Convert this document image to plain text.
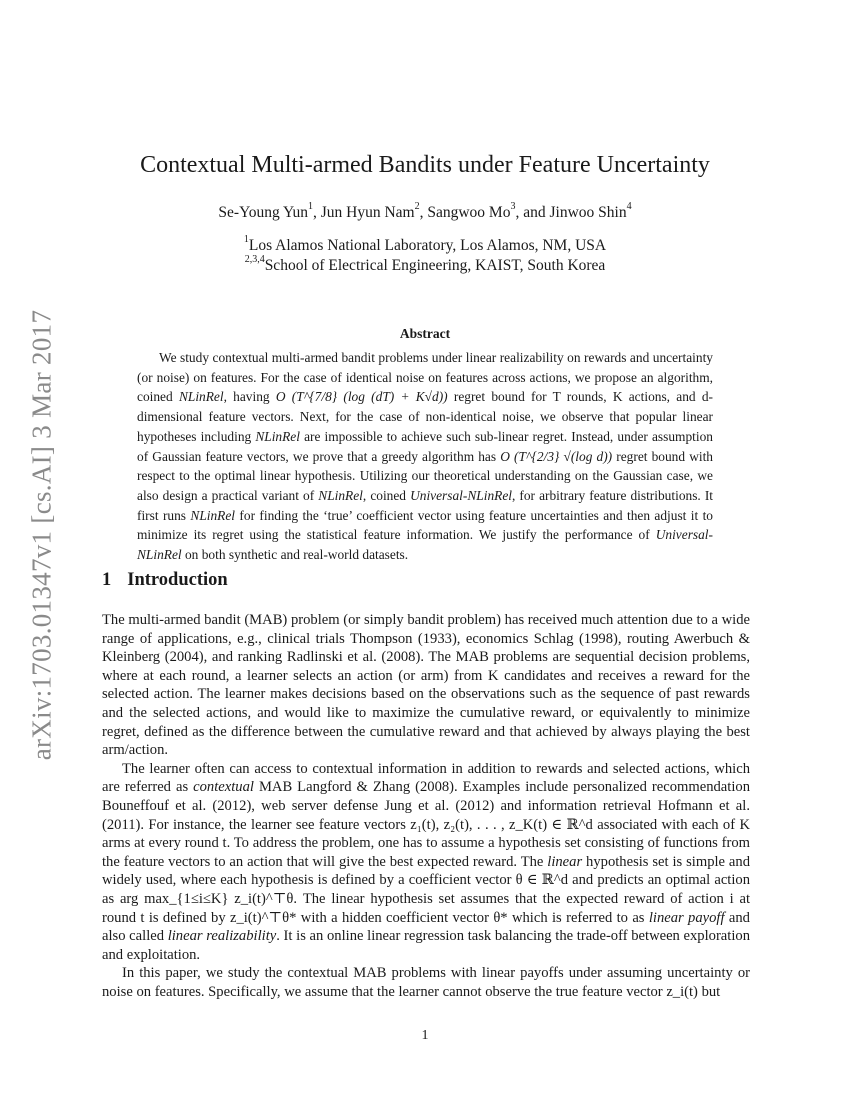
arXiv:1703.01347v1 [cs.AI] 3 Mar 2017
Contextual Multi-armed Bandits under Feature Uncertainty
Se-Young Yun$^1$, Jun Hyun Nam$^2$, Sangwoo Mo$^3$, and Jinwoo Shin$^4$
$^1$Los Alamos National Laboratory, Los Alamos, NM, USA
$^{2,3,4}$School of Electrical Engineering, KAIST, South Korea
Abstract

We study contextual multi-armed bandit problems under linear realizability on rewards and uncertainty (or noise) on features. For the case of identical noise on features across actions, we propose an algorithm, coined NLinRel, having O (T^{7/8} (log (dT) + K√d)) regret bound for T rounds, K actions, and d-dimensional feature vectors. Next, for the case of non-identical noise, we observe that popular linear hypotheses including NLinRel are impossible to achieve such sub-linear regret. Instead, under assumption of Gaussian feature vectors, we prove that a greedy algorithm has O (T^{2/3} √(log d)) regret bound with respect to the optimal linear hypothesis. Utilizing our theoretical understanding on the Gaussian case, we also design a practical variant of NLinRel, coined Universal-NLinRel, for arbitrary feature distributions. It first runs NLinRel for finding the ‘true’ coefficient vector using feature uncertainties and then adjust it to minimize its regret using the statistical feature information. We justify the performance of Universal-NLinRel on both synthetic and real-world datasets.

1 Introduction

The multi-armed bandit (MAB) problem (or simply bandit problem) has received much attention due to a wide range of applications, e.g., clinical trials Thompson (1933), economics Schlag (1998), routing Awerbuch & Kleinberg (2004), and ranking Radlinski et al. (2008). The MAB problems are sequential decision problems, where at each round, a learner selects an action (or arm) from K candidates and receives a reward for the selected action. The learner makes decisions based on the observations such as the sequence of past rewards and the selected actions, and would like to maximize the cumulative reward, or equivalently to minimize regret, defined as the difference between the cumulative reward and that achieved by always playing the best arm/action.

The learner often can access to contextual information in addition to rewards and selected actions, which are referred as contextual MAB Langford & Zhang (2008). Examples include personalized recommendation Bouneffouf et al. (2012), web server defense Jung et al. (2012) and information retrieval Hofmann et al. (2011). For instance, the learner see feature vectors z₁(t), z₂(t), . . . , z_K(t) ∈ ℝ^d associated with each of K arms at every round t. To address the problem, one has to assume a hypothesis set consisting of functions from the feature vectors to an action that will give the best expected reward. The linear hypothesis set is simple and widely used, where each hypothesis is defined by a coefficient vector θ ∈ ℝ^d and predicts an optimal action as arg max_{1≤i≤K} z_i(t)^⊤θ. The linear hypothesis set assumes that the expected reward of action i at round t is defined by z_i(t)^⊤θ* with a hidden coefficient vector θ* which is referred to as linear payoff and also called linear realizability. It is an online linear regression task balancing the trade-off between exploration and exploitation.

In this paper, we study the contextual MAB problems with linear payoffs under assuming uncertainty or noise on features. Specifically, we assume that the learner cannot observe the true feature vector z_i(t) but

1
